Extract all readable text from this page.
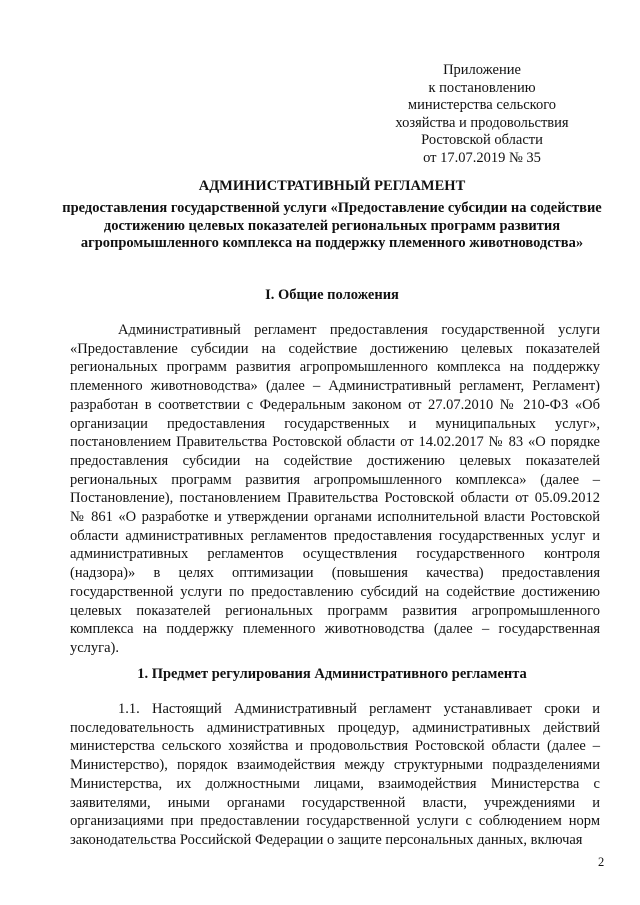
Приложение
к постановлению
министерства сельского
хозяйства и продовольствия
Ростовской области
от 17.07.2019 № 35
АДМИНИСТРАТИВНЫЙ РЕГЛАМЕНТ
предоставления государственной услуги «Предоставление субсидии на содействие достижению целевых показателей региональных программ развития агропромышленного комплекса на поддержку племенного животноводства»
I. Общие положения

Административный регламент предоставления государственной услуги «Предоставление субсидии на содействие достижению целевых показателей региональных программ развития агропромышленного комплекса на поддержку племенного животноводства» (далее – Административный регламент, Регламент) разработан в соответствии с Федеральным законом от 27.07.2010 № 210-ФЗ «Об организации предоставления государственных и муниципальных услуг», постановлением Правительства Ростовской области от 14.02.2017 № 83 «О порядке предоставления субсидии на содействие достижению целевых показателей региональных программ развития агропромышленного комплекса» (далее – Постановление), постановлением Правительства Ростовской области от 05.09.2012 № 861 «О разработке и утверждении органами исполнительной власти Ростовской области административных регламентов предоставления государственных услуг и административных регламентов осуществления государственного контроля (надзора)» в целях оптимизации (повышения качества) предоставления государственной услуги по предоставлению субсидий на содействие достижению целевых показателей региональных программ развития агропромышленного комплекса на поддержку племенного животноводства (далее – государственная услуга).

1. Предмет регулирования Административного регламента

1.1. Настоящий Административный регламент устанавливает сроки и последовательность административных процедур, административных действий министерства сельского хозяйства и продовольствия Ростовской области (далее – Министерство), порядок взаимодействия между структурными подразделениями Министерства, их должностными лицами, взаимодействия Министерства с заявителями, иными органами государственной власти, учреждениями и организациями при предоставлении государственной услуги с соблюдением норм законодательства Российской Федерации о защите персональных данных, включая

2
